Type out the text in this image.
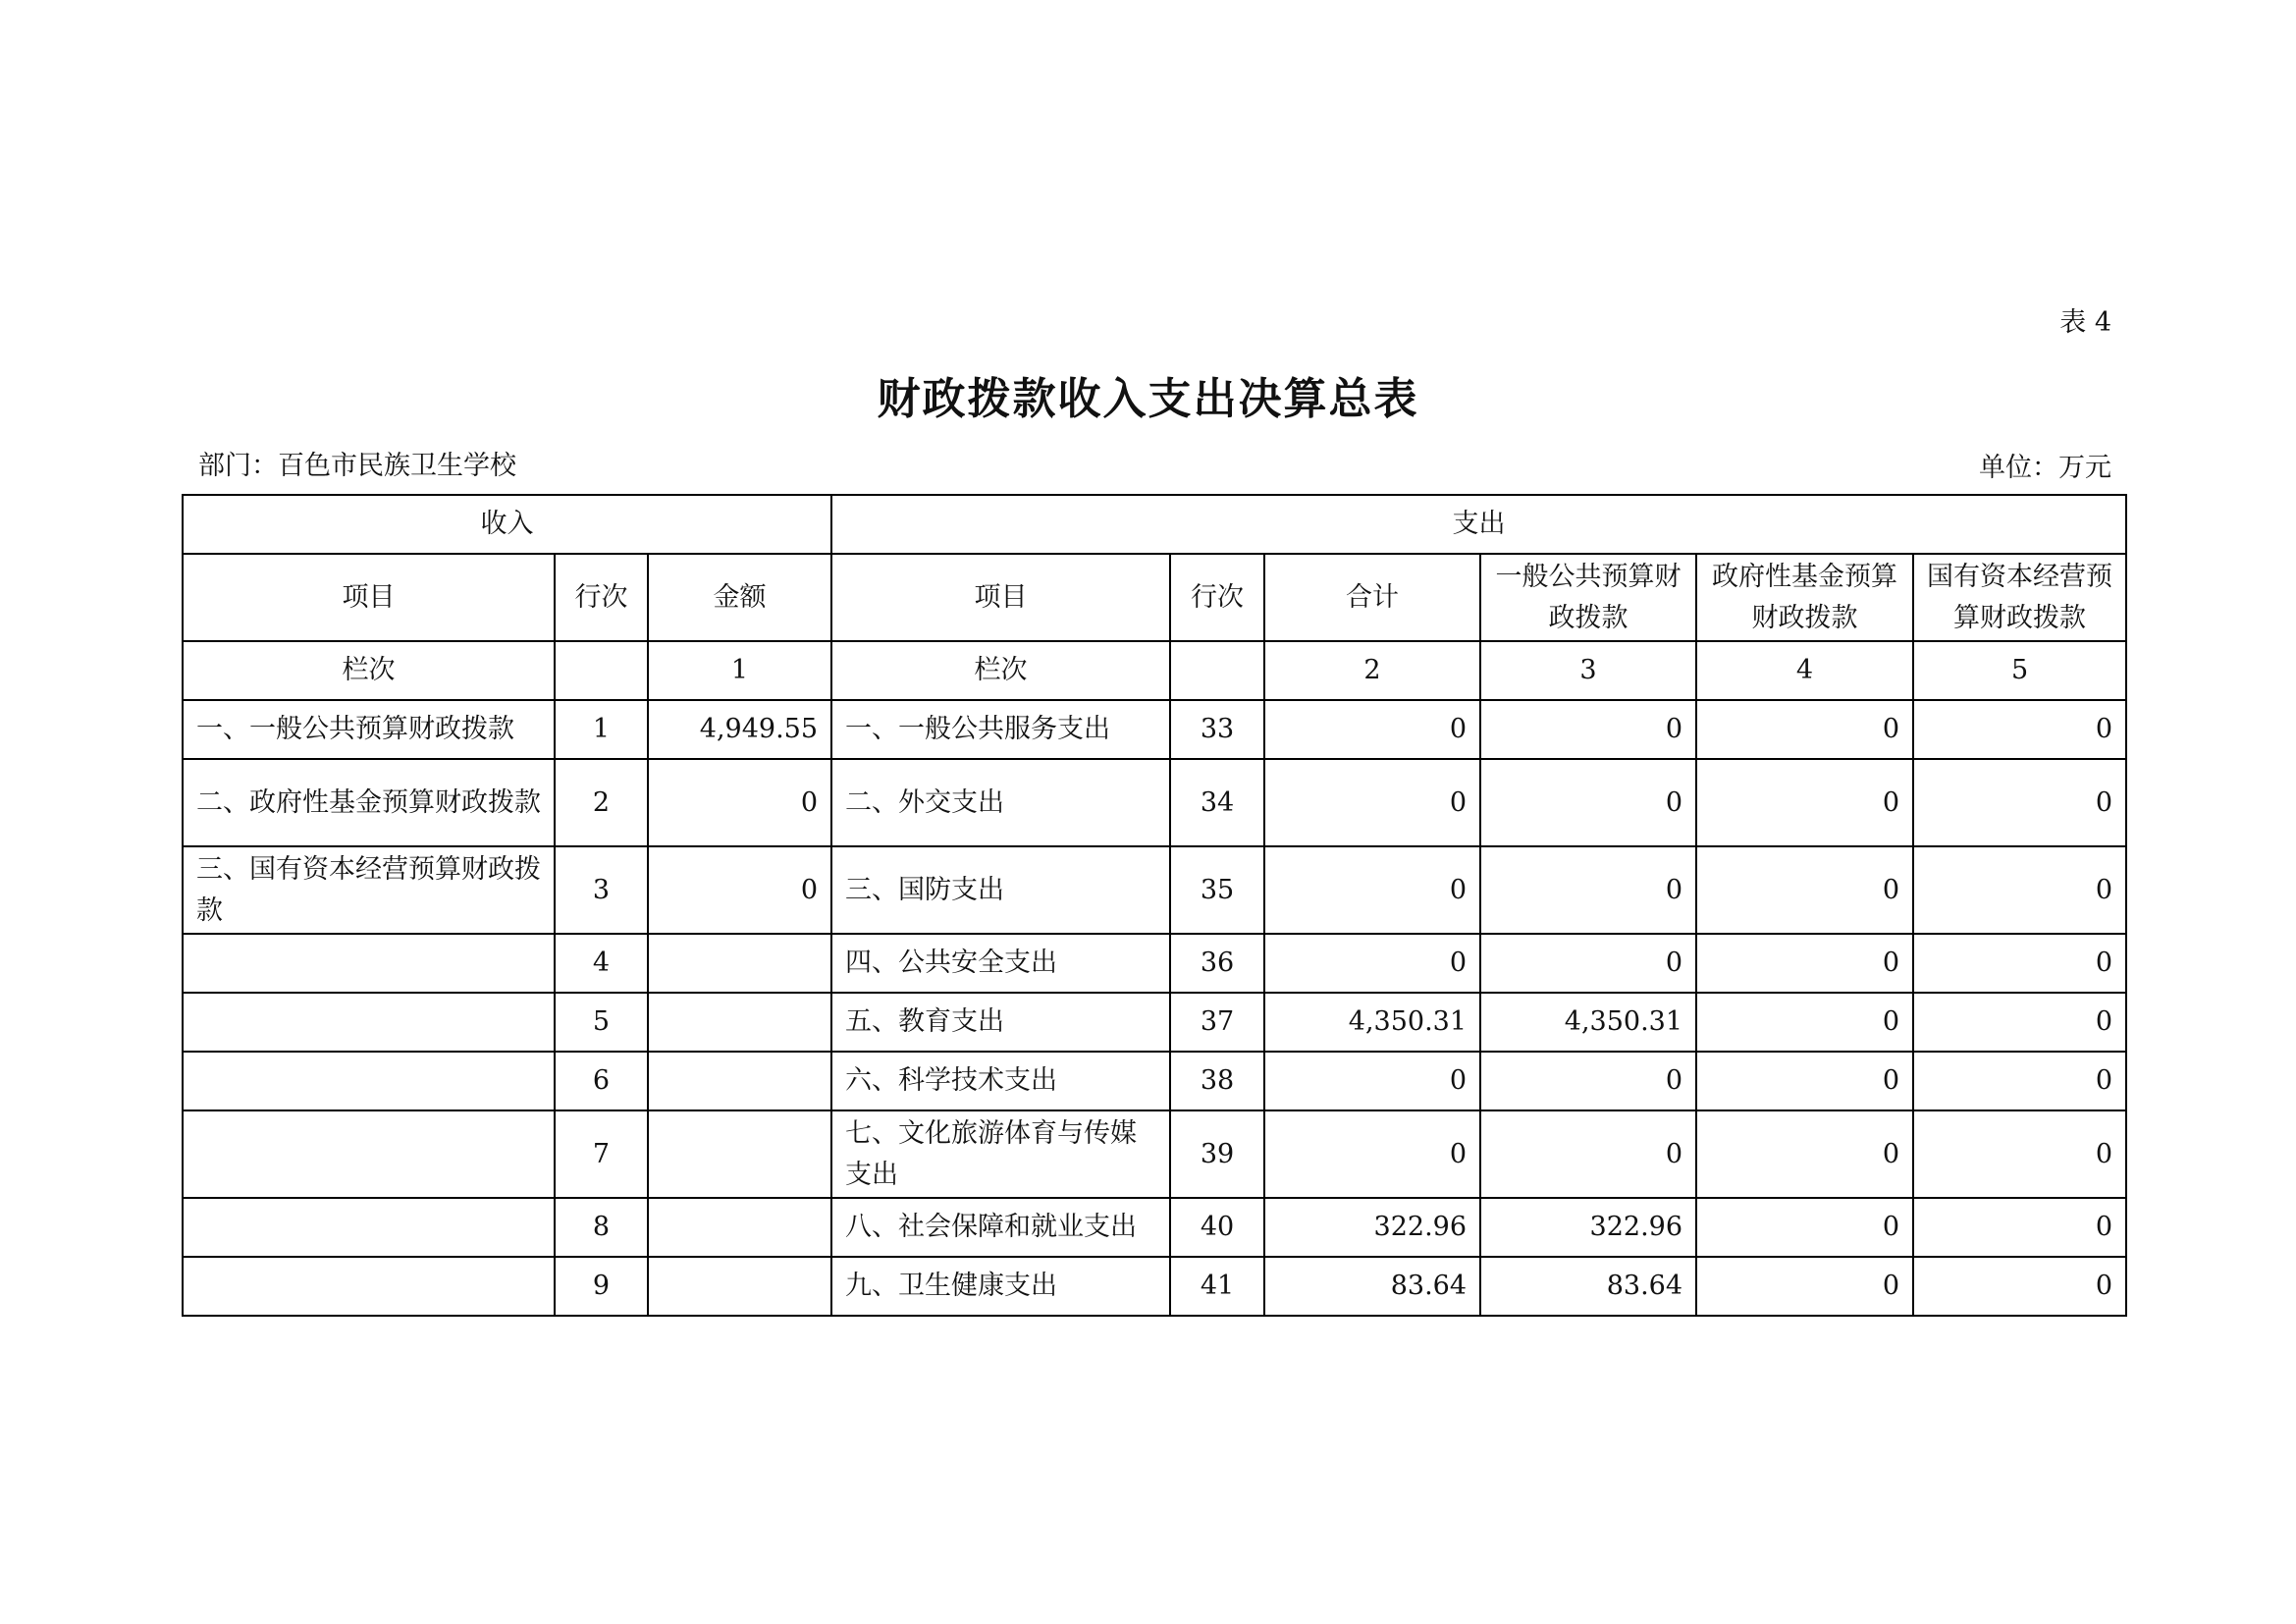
表 4
财政拨款收入支出决算总表
部门：百色市民族卫生学校	单位：万元
收入			支出					
项目	行次	金额	项目	行次	合计	一般公共预算财政拨款	政府性基金预算财政拨款	国有资本经营预算财政拨款
栏次		1	栏次		2	3	4	5
一、一般公共预算财政拨款	1	4,949.55	一、一般公共服务支出	33	0	0	0	0
二、政府性基金预算财政拨款	2	0	二、外交支出	34	0	0	0	0
三、国有资本经营预算财政拨款	3	0	三、国防支出	35	0	0	0	0
	4		四、公共安全支出	36	0	0	0	0
	5		五、教育支出	37	4,350.31	4,350.31	0	0
	6		六、科学技术支出	38	0	0	0	0
	7		七、文化旅游体育与传媒支出	39	0	0	0	0
	8		八、社会保障和就业支出	40	322.96	322.96	0	0
	9		九、卫生健康支出	41	83.64	83.64	0	0
